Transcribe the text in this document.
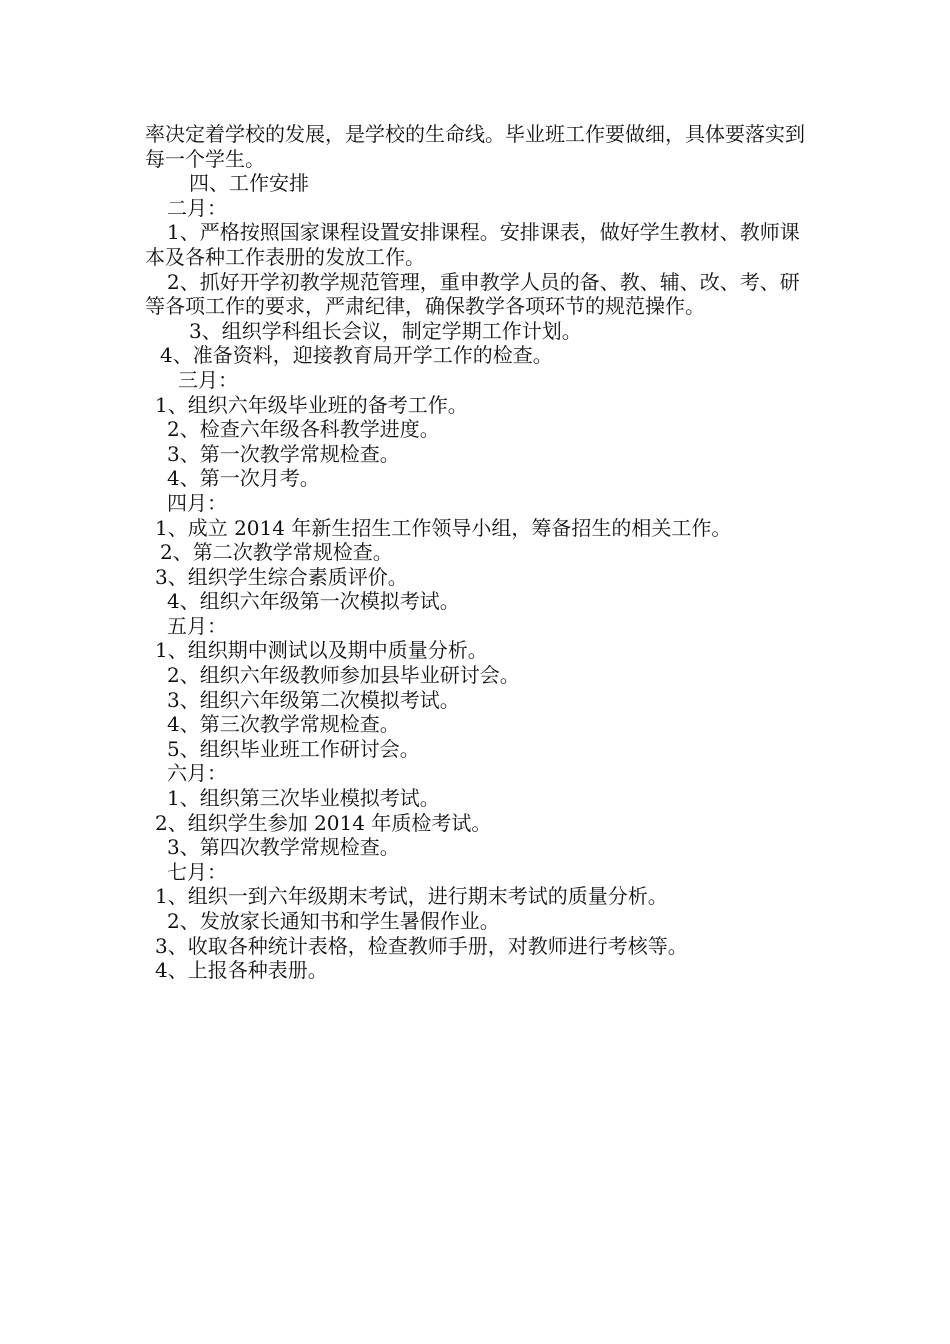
率决定着学校的发展，是学校的生命线。毕业班工作要做细，具体要落实到每一个学生。
四、工作安排
二月：
1、严格按照国家课程设置安排课程。安排课表，做好学生教材、教师课本及各种工作表册的发放工作。
2、抓好开学初教学规范管理，重申教学人员的备、教、辅、改、考、研等各项工作的要求，严肃纪律，确保教学各项环节的规范操作。
3、组织学科组长会议，制定学期工作计划。
4、准备资料，迎接教育局开学工作的检查。
三月：
1、组织六年级毕业班的备考工作。
2、检查六年级各科教学进度。
3、第一次教学常规检查。
4、第一次月考。
四月：
1、成立 2014 年新生招生工作领导小组，筹备招生的相关工作。
2、第二次教学常规检查。
3、组织学生综合素质评价。
4、组织六年级第一次模拟考试。
五月：
1、组织期中测试以及期中质量分析。
2、组织六年级教师参加县毕业研讨会。
3、组织六年级第二次模拟考试。
4、第三次教学常规检查。
5、组织毕业班工作研讨会。
六月：
1、组织第三次毕业模拟考试。
2、组织学生参加 2014 年质检考试。
3、第四次教学常规检查。
七月：
1、组织一到六年级期末考试，进行期末考试的质量分析。
2、发放家长通知书和学生暑假作业。
3、收取各种统计表格，检查教师手册，对教师进行考核等。
4、上报各种表册。
